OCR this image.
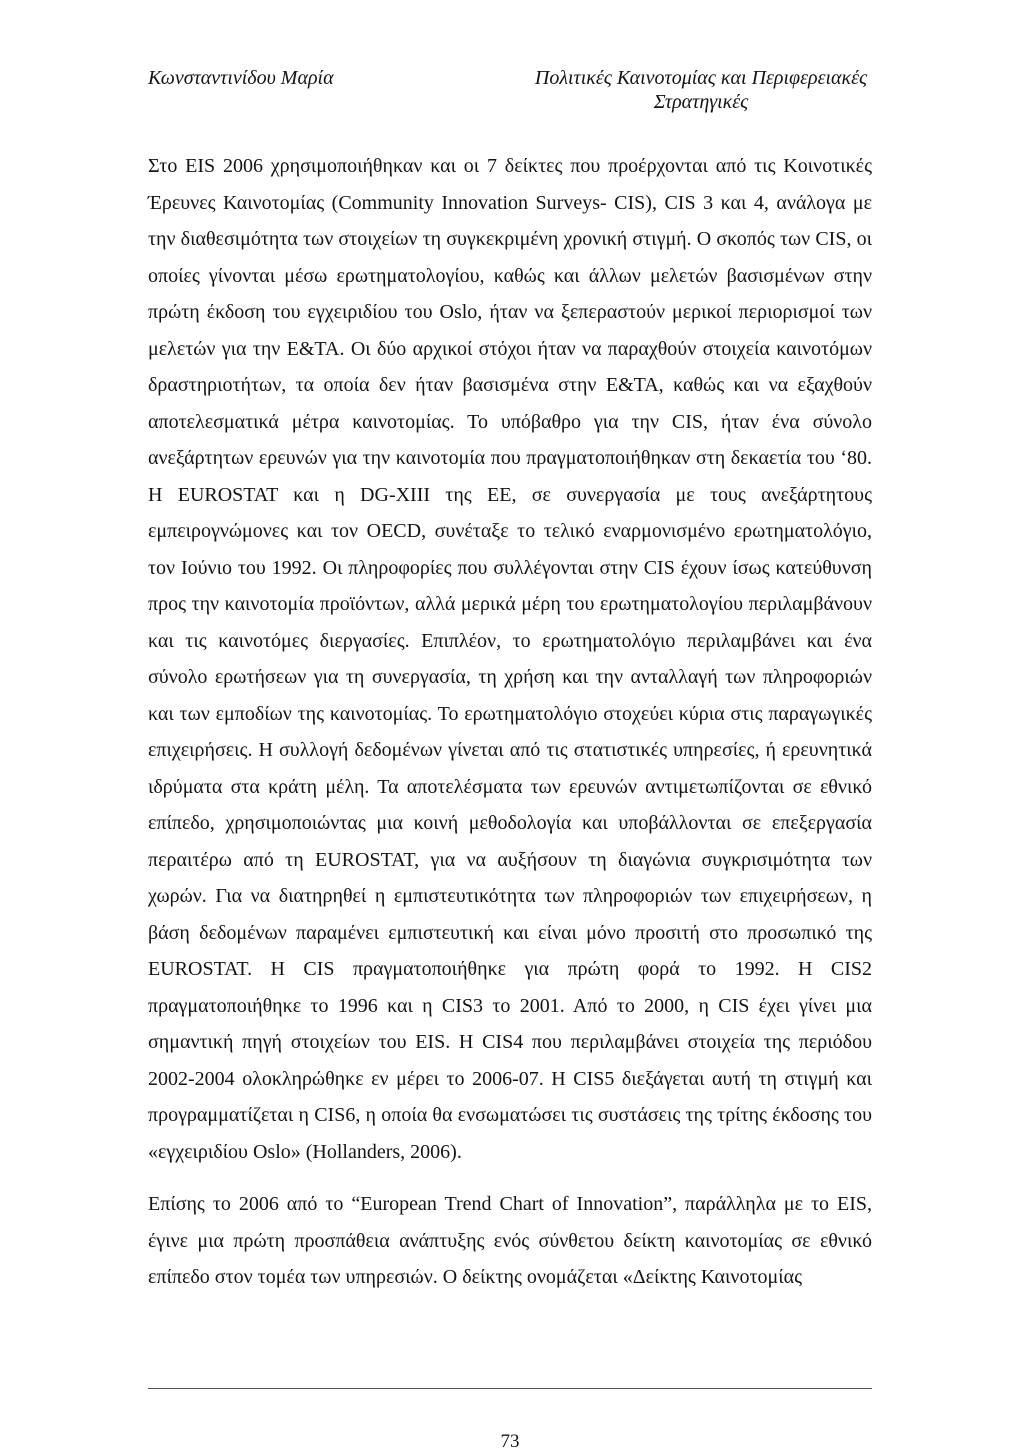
Κωνσταντινίδου Μαρία	Πολιτικές Καινοτομίας και Περιφερειακές Στρατηγικές

Στο EIS 2006 χρησιμοποιήθηκαν και οι 7 δείκτες που προέρχονται από τις Κοινοτικές Έρευνες Καινοτομίας (Community Innovation Surveys- CIS), CIS 3 και 4, ανάλογα με την διαθεσιμότητα των στοιχείων τη συγκεκριμένη χρονική στιγμή. Ο σκοπός των CIS, οι οποίες γίνονται μέσω ερωτηματολογίου, καθώς και άλλων μελετών βασισμένων στην πρώτη έκδοση του εγχειριδίου του Oslo, ήταν να ξεπεραστούν μερικοί περιορισμοί των μελετών για την Ε&ΤΑ. Οι δύο αρχικοί στόχοι ήταν να παραχθούν στοιχεία καινοτόμων δραστηριοτήτων, τα οποία δεν ήταν βασισμένα στην Ε&ΤΑ, καθώς και να εξαχθούν αποτελεσματικά μέτρα καινοτομίας. Το υπόβαθρο για την CIS, ήταν ένα σύνολο ανεξάρτητων ερευνών για την καινοτομία που πραγματοποιήθηκαν στη δεκαετία του ‘80. Η EUROSTAT και η DG-XIII της ΕΕ, σε συνεργασία με τους ανεξάρτητους εμπειρογνώμονες και τον OECD, συνέταξε το τελικό εναρμονισμένο ερωτηματολόγιο, τον Ιούνιο του 1992. Οι πληροφορίες που συλλέγονται στην CIS έχουν ίσως κατεύθυνση προς την καινοτομία προϊόντων, αλλά μερικά μέρη του ερωτηματολογίου περιλαμβάνουν και τις καινοτόμες διεργασίες. Επιπλέον, το ερωτηματολόγιο περιλαμβάνει και ένα σύνολο ερωτήσεων για τη συνεργασία, τη χρήση και την ανταλλαγή των πληροφοριών και των εμποδίων της καινοτομίας. Το ερωτηματολόγιο στοχεύει κύρια στις παραγωγικές επιχειρήσεις. Η συλλογή δεδομένων γίνεται από τις στατιστικές υπηρεσίες, ή ερευνητικά ιδρύματα στα κράτη μέλη. Τα αποτελέσματα των ερευνών αντιμετωπίζονται σε εθνικό επίπεδο, χρησιμοποιώντας μια κοινή μεθοδολογία και υποβάλλονται σε επεξεργασία περαιτέρω από τη EUROSTAT, για να αυξήσουν τη διαγώνια συγκρισιμότητα των χωρών. Για να διατηρηθεί η εμπιστευτικότητα των πληροφοριών των επιχειρήσεων, η βάση δεδομένων παραμένει εμπιστευτική και είναι μόνο προσιτή στο προσωπικό της EUROSTAT. Η CIS πραγματοποιήθηκε για πρώτη φορά το 1992. Η CIS2 πραγματοποιήθηκε το 1996 και η CIS3 το 2001. Από το 2000, η CIS έχει γίνει μια σημαντική πηγή στοιχείων του EIS. Η CIS4 που περιλαμβάνει στοιχεία της περιόδου 2002-2004 ολοκληρώθηκε εν μέρει το 2006-07. Η CIS5 διεξάγεται αυτή τη στιγμή και προγραμματίζεται η CIS6, η οποία θα ενσωματώσει τις συστάσεις της τρίτης έκδοσης του «εγχειριδίου Oslo» (Hollanders, 2006).

Επίσης το 2006 από το “European Trend Chart of Innovation”, παράλληλα με το EIS, έγινε μια πρώτη προσπάθεια ανάπτυξης ενός σύνθετου δείκτη καινοτομίας σε εθνικό επίπεδο στον τομέα των υπηρεσιών. Ο δείκτης ονομάζεται «Δείκτης Καινοτομίας

73
